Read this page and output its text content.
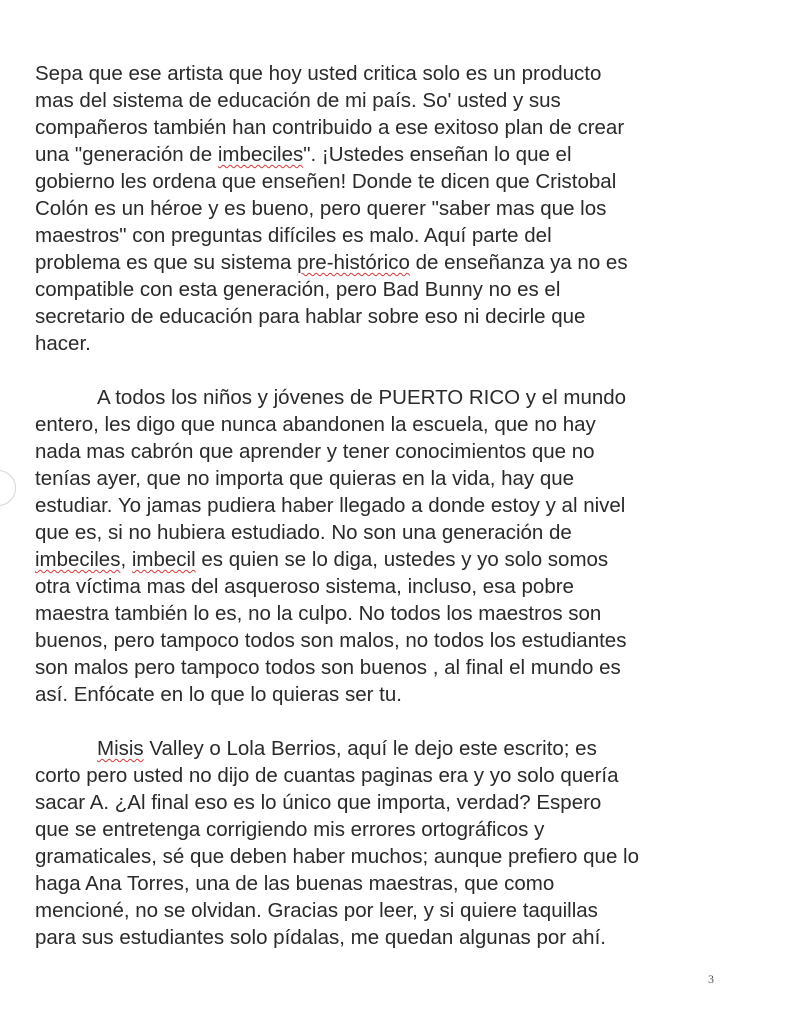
Sepa que ese artista que hoy usted critica solo es un producto
mas del sistema de educación de mi país. So' usted y sus
compañeros también han contribuido a ese exitoso plan de crear
una "generación de imbeciles". ¡Ustedes enseñan lo que el
gobierno les ordena que enseñen! Donde te dicen que Cristobal
Colón es un héroe y es bueno, pero querer "saber mas que los
maestros" con preguntas difíciles es malo. Aquí parte del
problema es que su sistema pre-histórico de enseñanza ya no es
compatible con esta generación, pero Bad Bunny no es el
secretario de educación para hablar sobre eso ni decirle que
hacer.

A todos los niños y jóvenes de PUERTO RICO y el mundo
entero, les digo que nunca abandonen la escuela, que no hay
nada mas cabrón que aprender y tener conocimientos que no
tenías ayer, que no importa que quieras en la vida, hay que
estudiar. Yo jamas pudiera haber llegado a donde estoy y al nivel
que es, si no hubiera estudiado. No son una generación de
imbeciles, imbecil es quien se lo diga, ustedes y yo solo somos
otra víctima mas del asqueroso sistema, incluso, esa pobre
maestra también lo es, no la culpo. No todos los maestros son
buenos, pero tampoco todos son malos, no todos los estudiantes
son malos pero tampoco todos son buenos , al final el mundo es
así. Enfócate en lo que lo quieras ser tu.

Misis Valley o Lola Berrios, aquí le dejo este escrito; es
corto pero usted no dijo de cuantas paginas era y yo solo quería
sacar A. ¿Al final eso es lo único que importa, verdad? Espero
que se entretenga corrigiendo mis errores ortográficos y
gramaticales, sé que deben haber muchos; aunque prefiero que lo
haga Ana Torres, una de las buenas maestras, que como
mencioné, no se olvidan. Gracias por leer, y si quiere taquillas
para sus estudiantes solo pídalas, me quedan algunas por ahí.

3
